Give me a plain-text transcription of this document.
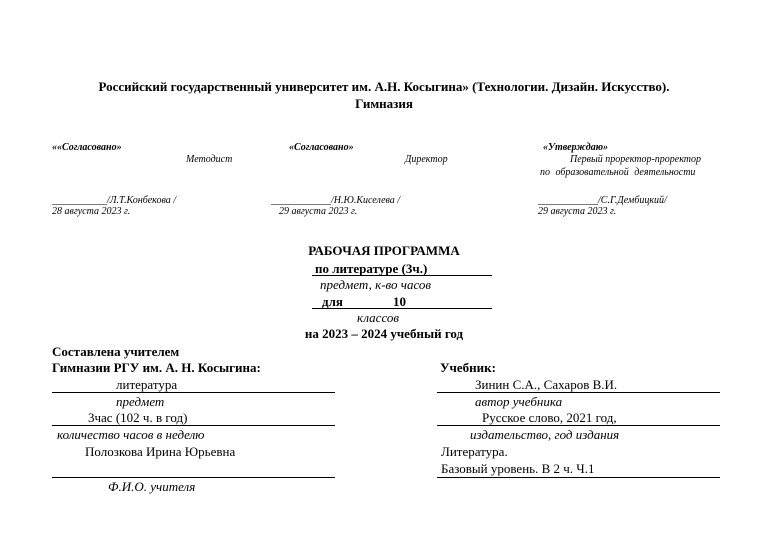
Российский государственный университет им. А.Н. Косыгина» (Технологии. Дизайн. Искусство).
Гимназия
««Согласовано»
Методист
___________/Л.Т.Конбекова /
28 августа 2023 г.
«Согласовано»
Директор
____________/Н.Ю.Киселева /
29 августа 2023 г.
«Утверждаю»
Первый проректор-проректор
по образовательной деятельности
____________/С.Г.Дембицкий/
29 августа 2023 г.
РАБОЧАЯ ПРОГРАММА
по литературе (3ч.)
предмет, к-во часов
для	10
классов
на 2023 – 2024 учебный год
Составлена учителем
Гимназии РГУ им. А. Н. Косыгина:
литература
предмет
3час (102 ч. в год)
количество часов в неделю
Полозкова Ирина Юрьевна
Ф.И.О. учителя
Учебник:
Зинин С.А., Сахаров В.И.
автор учебника
Русское слово, 2021 год,
издательство, год издания
Литература.
Базовый уровень. В 2 ч. Ч.1
